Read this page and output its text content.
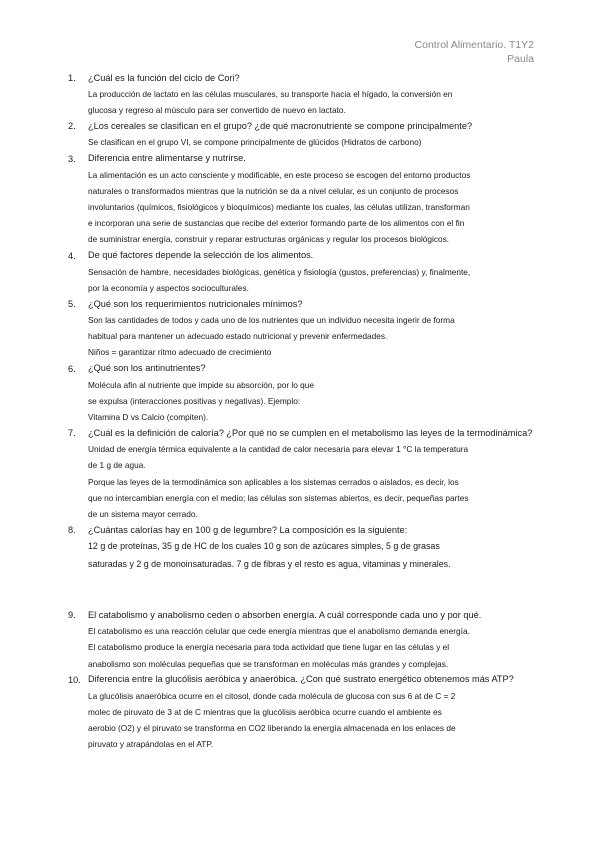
Control Alimentario. T1Y2
Paula
1. ¿Cuál es la función del ciclo de Cori?

La producción de lactato en las células musculares, su transporte hacia el hígado, la conversión en

glucosa y regreso al músculo para ser convertido de nuevo en lactato.

2. ¿Los cereales se clasifican en el grupo? ¿de qué macronutriente se compone principalmente?

Se clasifican en el grupo VI, se compone principalmente de glúcidos (Hidratos de carbono)

3. Diferencia entre alimentarse y nutrirse.

La alimentación es un acto consciente y modificable, en este proceso se escogen del entorno productos

naturales o transformados mientras que la nutrición se da a nivel celular, es un conjunto de procesos

involuntarios (químicos, fisiológicos y bioquímicos) mediante los cuales, las células utilizan, transforman

e incorporan una serie de sustancias que recibe del exterior formando parte de los alimentos con el fin

de suministrar energía, construir y reparar estructuras orgánicas y regular los procesos biológicos.

4. De qué factores depende la selección de los alimentos.

Sensación de hambre, necesidades biológicas, genética y fisiología (gustos, preferencias) y, finalmente,

por la economía y aspectos socioculturales.

5. ¿Qué son los requerimientos nutricionales mínimos?

Son las cantidades de todos y cada uno de los nutrientes que un individuo necesita ingerir de forma

habitual para mantener un adecuado estado nutricional y prevenir enfermedades.

Niños = garantizar ritmo adecuado de crecimiento

6. ¿Qué son los antinutrientes?

Molécula afin al nutriente que impide su absorción, por lo que

se expulsa (interacciones positivas y negativas). Ejemplo:

Vitamina D vs Calcio (compiten).

7. ¿Cuál es la definición de caloría? ¿Por qué no se cumplen en el metabolismo las leyes de la termodinámica?

Unidad de energía térmica equivalente a la cantidad de calor necesaria para elevar 1 °C la temperatura

de 1 g de agua.

Porque las leyes de la termodinámica son aplicables a los sistemas cerrados o aislados, es decir, los

que no intercambian energía con el medio; las células son sistemas abiertos, es decir, pequeñas partes

de un sistema mayor cerrado.

8. ¿Cuántas calorías hay en 100 g de legumbre? La composición es la siguiente:

12 g de proteínas, 35 g de HC de los cuales 10 g son de azúcares simples, 5 g de grasas

saturadas y 2 g de monoinsaturadas. 7 g de fibras y el resto es agua, vitaminas y minerales.

9. El catabolismo y anabolismo ceden o absorben energía. A cuál corresponde cada uno y por qué.

El catabolismo es una reacción celular que cede energía mientras que el anabolismo demanda energía.

El catabolismo produce la energía necesaria para toda actividad que tiene lugar en las células y el

anabolismo son moléculas pequeñas que se transforman en moléculas más grandes y complejas.

10. Diferencia entre la glucólisis aeróbica y anaeróbica. ¿Con qué sustrato energético obtenemos más ATP?

La glucólisis anaeróbica ocurre en el citosol, donde cada molécula de glucosa con sus 6 at de C = 2

molec de piruvato de 3 at de C mientras que la glucólisis aeróbica ocurre cuando el ambiente es

aerobio (O2) y el piruvato se transforma en CO2 liberando la energía almacenada en los enlaces de

piruvato y atrapándolas en el ATP.
